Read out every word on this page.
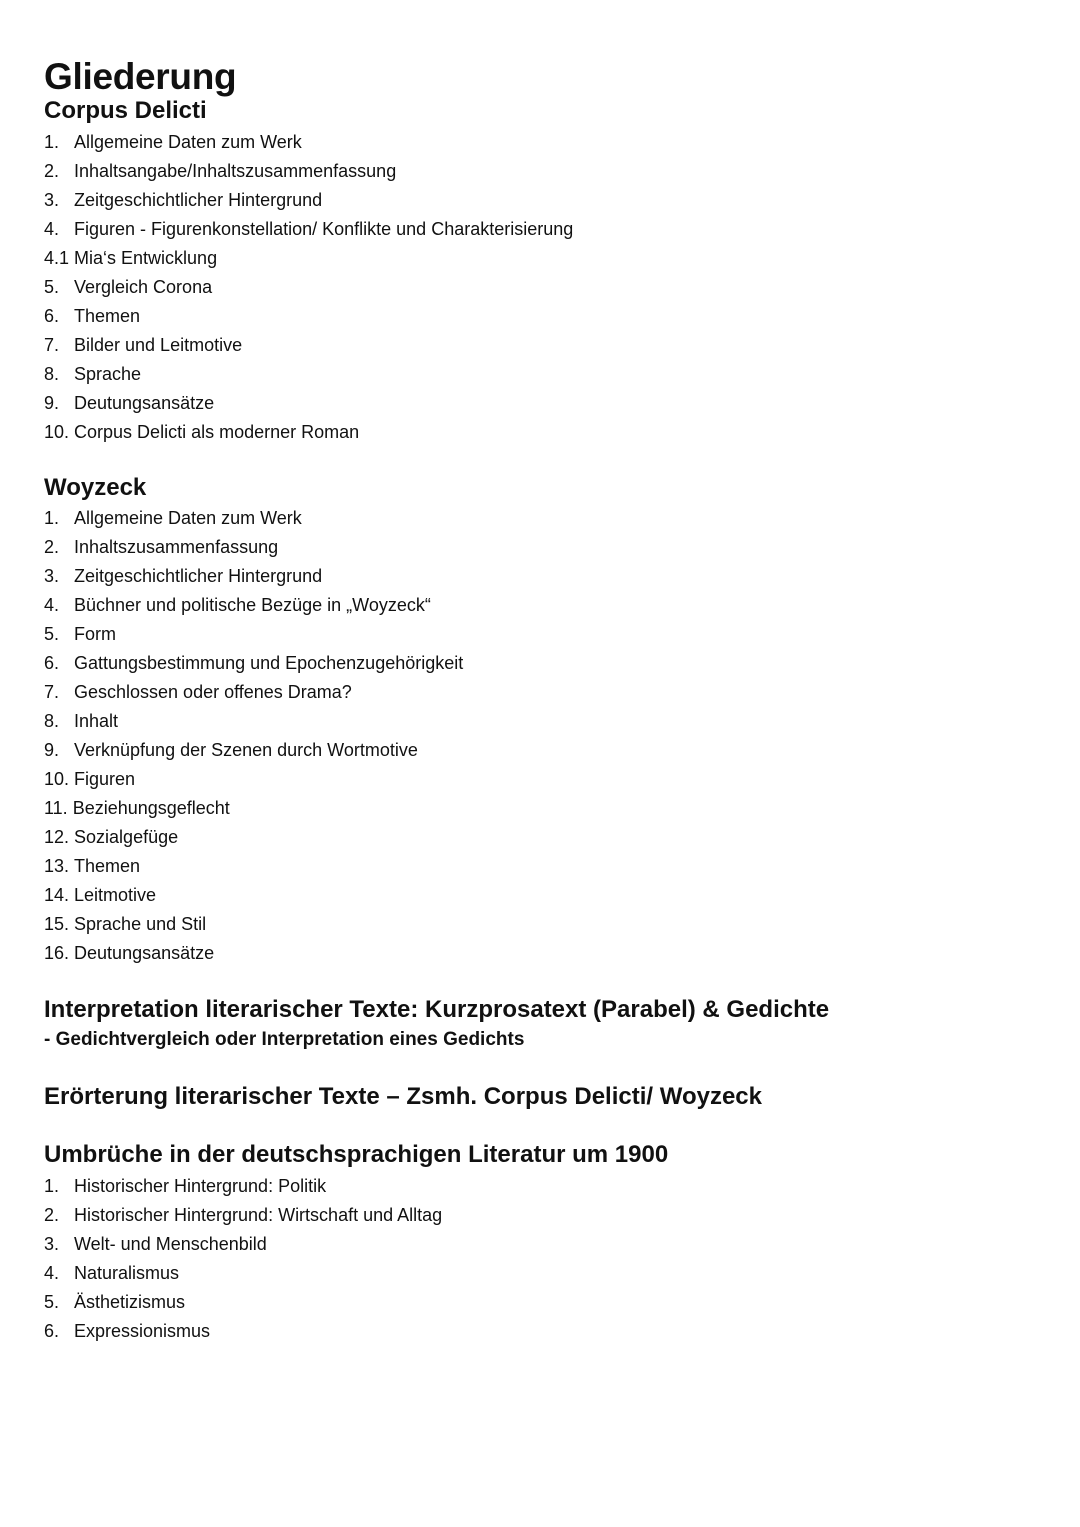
Gliederung
Corpus Delicti
1. Allgemeine Daten zum Werk
2. Inhaltsangabe/Inhaltszusammenfassung
3. Zeitgeschichtlicher Hintergrund
4. Figuren - Figurenkonstellation/ Konflikte und Charakterisierung
4.1 Mia‘s Entwicklung
5. Vergleich Corona
6. Themen
7. Bilder und Leitmotive
8. Sprache
9. Deutungsansätze
10. Corpus Delicti als moderner Roman
Woyzeck
1. Allgemeine Daten zum Werk
2. Inhaltszusammenfassung
3. Zeitgeschichtlicher Hintergrund
4. Büchner und politische Bezüge in „Woyzeck“
5. Form
6. Gattungsbestimmung und Epochenzugehörigkeit
7. Geschlossen oder offenes Drama?
8. Inhalt
9. Verknüpfung der Szenen durch Wortmotive
10. Figuren
11. Beziehungsgeflecht
12. Sozialgefüge
13. Themen
14. Leitmotive
15. Sprache und Stil
16. Deutungsansätze
Interpretation literarischer Texte: Kurzprosatext (Parabel) & Gedichte
- Gedichtvergleich oder Interpretation eines Gedichts
Erörterung literarischer Texte – Zsmh. Corpus Delicti/ Woyzeck
Umbrüche in der deutschsprachigen Literatur um 1900
1. Historischer Hintergrund: Politik
2. Historischer Hintergrund: Wirtschaft und Alltag
3. Welt- und Menschenbild
4. Naturalismus
5. Ästhetizismus
6. Expressionismus
